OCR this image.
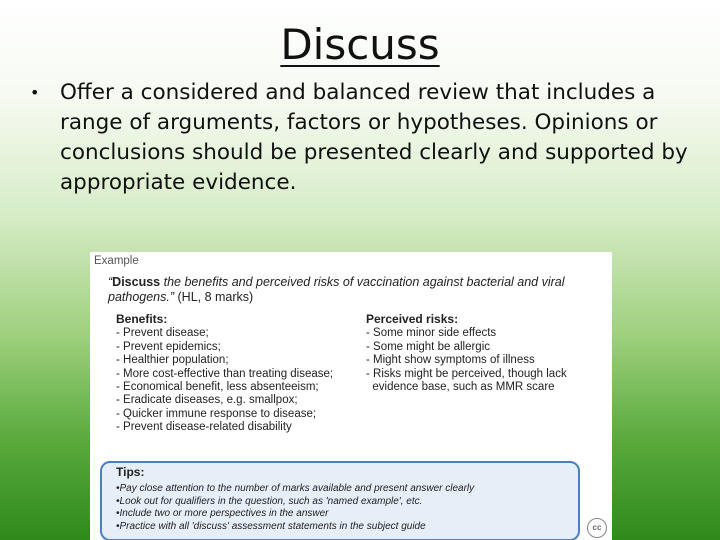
Discuss
• Offer a considered and balanced review that includes a range of arguments, factors or hypotheses. Opinions or conclusions should be presented clearly and supported by appropriate evidence.
Example
“Discuss the benefits and perceived risks of vaccination against bacterial and viral pathogens.” (HL, 8 marks)
Benefits:
- Prevent disease;
- Prevent epidemics;
- Healthier population;
- More cost-effective than treating disease;
- Economical benefit, less absenteeism;
- Eradicate diseases, e.g. smallpox;
- Quicker immune response to disease;
- Prevent disease-related disability
Perceived risks:
- Some minor side effects
- Some might be allergic
- Might show symptoms of illness
- Risks might be perceived, though lack
evidence base, such as MMR scare
Tips:
•Pay close attention to the number of marks available and present answer clearly
•Look out for qualifiers in the question, such as 'named example', etc.
•Include two or more perspectives in the answer
•Practice with all 'discuss' assessment statements in the subject guide	cc
